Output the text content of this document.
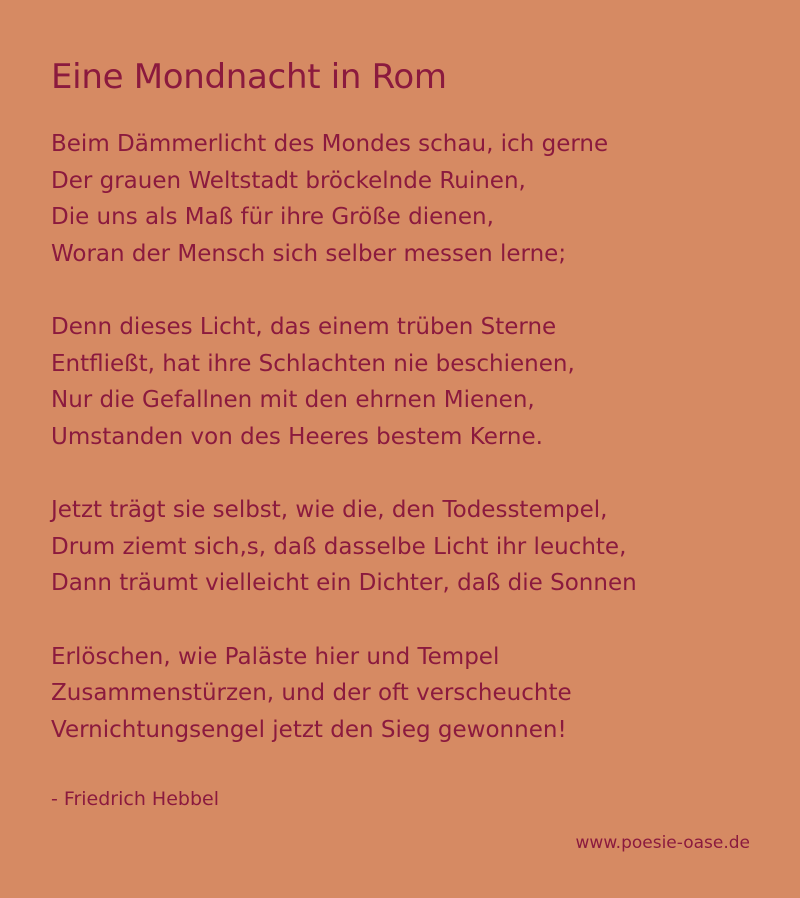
Eine Mondnacht in Rom

Beim Dämmerlicht des Mondes schau‚ ich gerne
Der grauen Weltstadt bröckelnde Ruinen,
Die uns als Maß für ihre Größe dienen,
Woran der Mensch sich selber messen lerne;

Denn dieses Licht, das einem trüben Sterne
Entfließt, hat ihre Schlachten nie beschienen,
Nur die Gefallnen mit den ehrnen Mienen,
Umstanden von des Heeres bestem Kerne.

Jetzt trägt sie selbst, wie die, den Todesstempel,
Drum ziemt sich‚s, daß dasselbe Licht ihr leuchte,
Dann träumt vielleicht ein Dichter, daß die Sonnen

Erlöschen, wie Paläste hier und Tempel
Zusammenstürzen, und der oft verscheuchte
Vernichtungsengel jetzt den Sieg gewonnen!

- Friedrich Hebbel
www.poesie-oase.de
